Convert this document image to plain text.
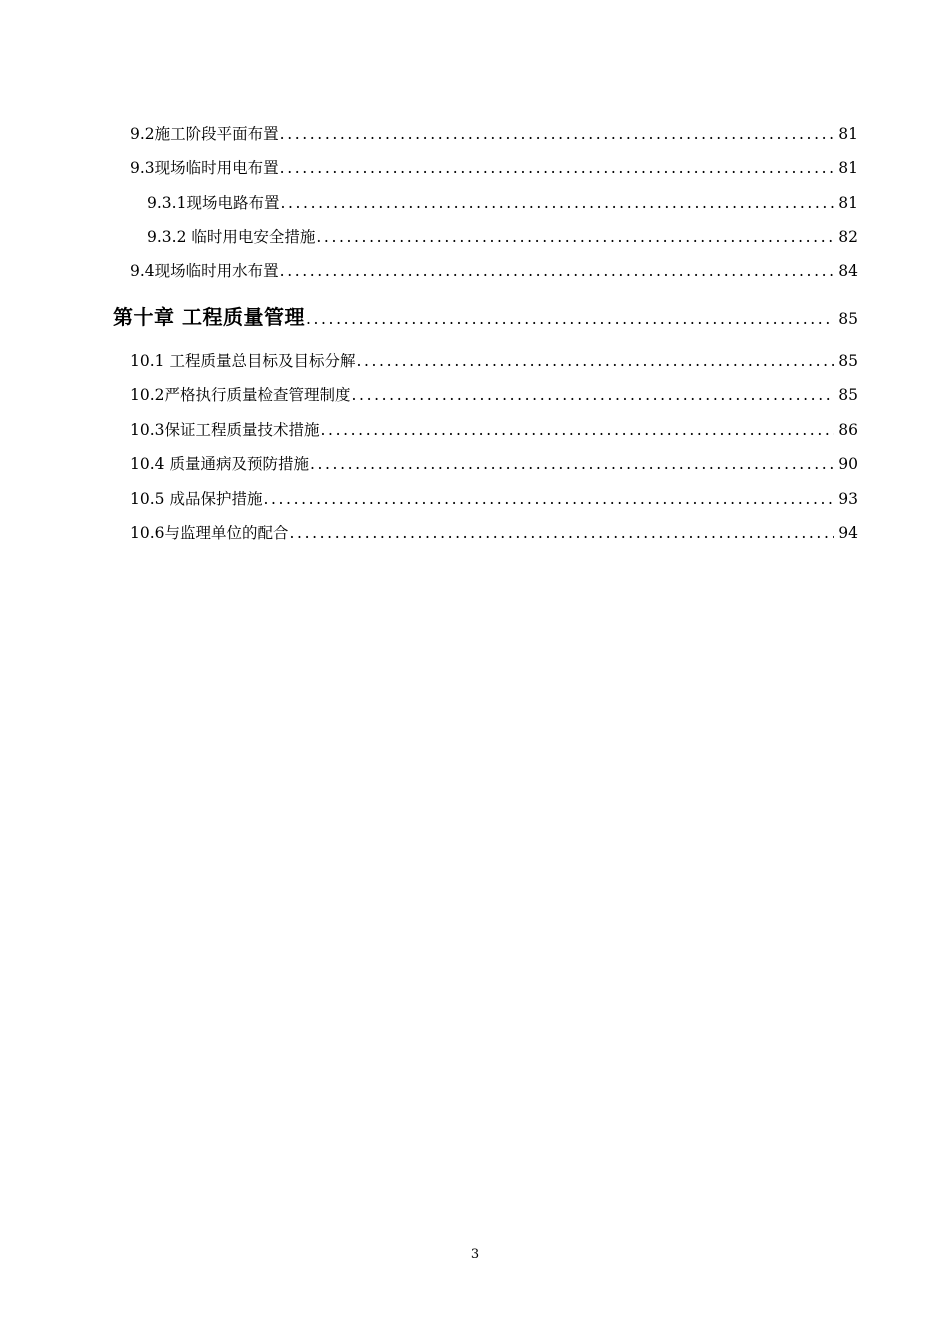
9.2 施工阶段平面布置 .....	81
9.3 现场临时用电布置 .....	81
9.3.1 现场电路布置 .....	81
9.3.2 临时用电安全措施 .....	82
9.4 现场临时用水布置 .....	84
第十章 工程质量管理 .....	85
10.1 工程质量总目标及目标分解 .....	85
10.2 严格执行质量检查管理制度 .....	85
10.3 保证工程质量技术措施 .....	86
10.4 质量通病及预防措施 .....	90
10.5 成品保护措施 .....	93
10.6 与监理单位的配合 .....	94
3
